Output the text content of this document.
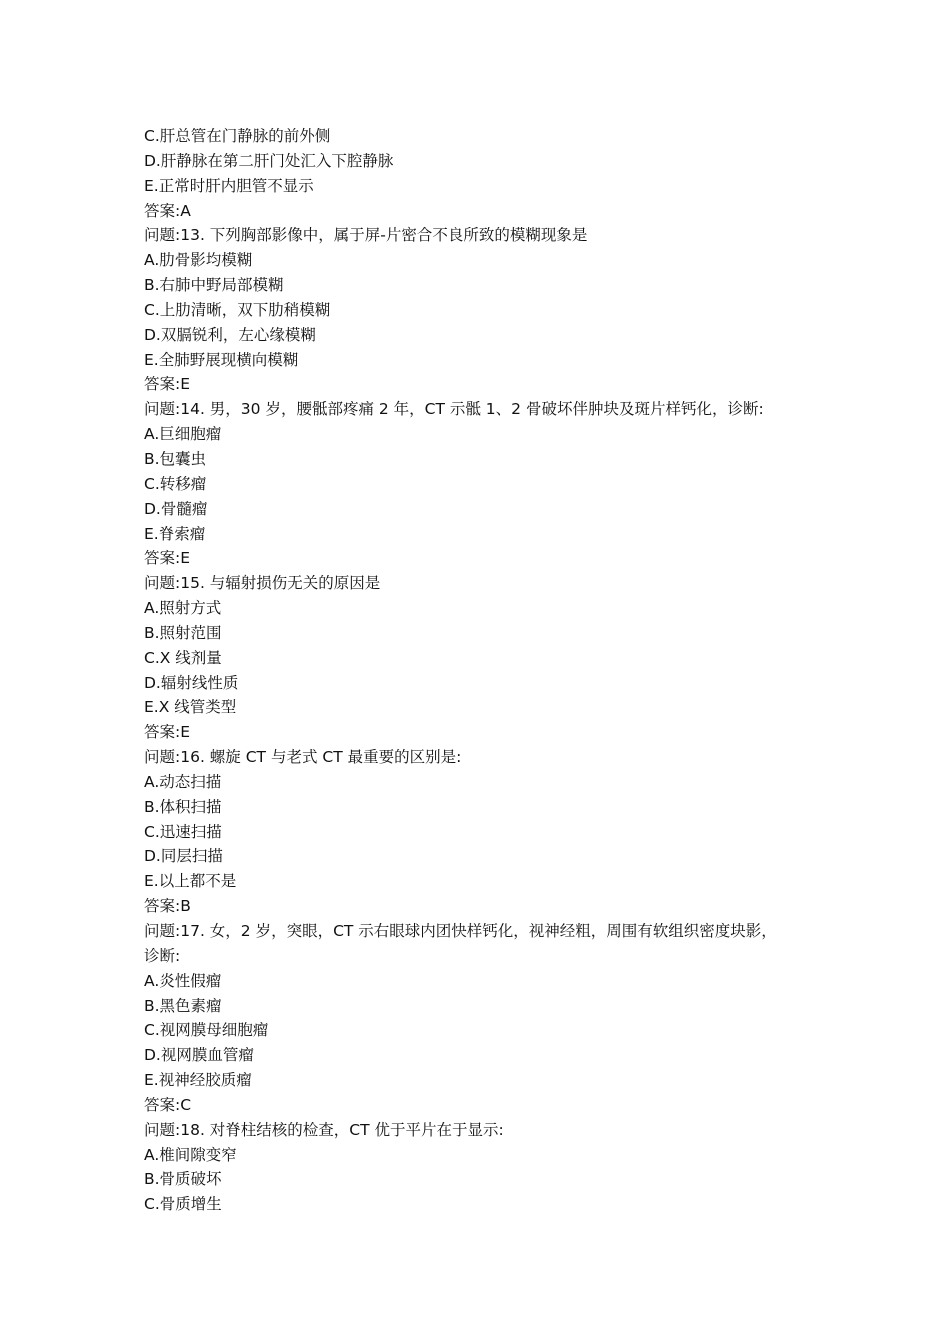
C.肝总管在门静脉的前外侧
D.肝静脉在第二肝门处汇入下腔静脉
E.正常时肝内胆管不显示
答案:A
问题:13. 下列胸部影像中，属于屏-片密合不良所致的模糊现象是
A.肋骨影均模糊
B.右肺中野局部模糊
C.上肋清晰，双下肋稍模糊
D.双膈锐利，左心缘模糊
E.全肺野展现横向模糊
答案:E
问题:14. 男，30 岁，腰骶部疼痛 2 年，CT 示骶 1、2 骨破坏伴肿块及斑片样钙化，诊断:
A.巨细胞瘤
B.包囊虫
C.转移瘤
D.骨髓瘤
E.脊索瘤
答案:E
问题:15. 与辐射损伤无关的原因是
A.照射方式
B.照射范围
C.X 线剂量
D.辐射线性质
E.X 线管类型
答案:E
问题:16. 螺旋 CT 与老式 CT 最重要的区别是:
A.动态扫描
B.体积扫描
C.迅速扫描
D.同层扫描
E.以上都不是
答案:B
问题:17. 女，2 岁，突眼，CT 示右眼球内团快样钙化，视神经粗，周围有软组织密度块影，
诊断:
A.炎性假瘤
B.黑色素瘤
C.视网膜母细胞瘤
D.视网膜血管瘤
E.视神经胶质瘤
答案:C
问题:18. 对脊柱结核的检查，CT 优于平片在于显示:
A.椎间隙变窄
B.骨质破坏
C.骨质增生
